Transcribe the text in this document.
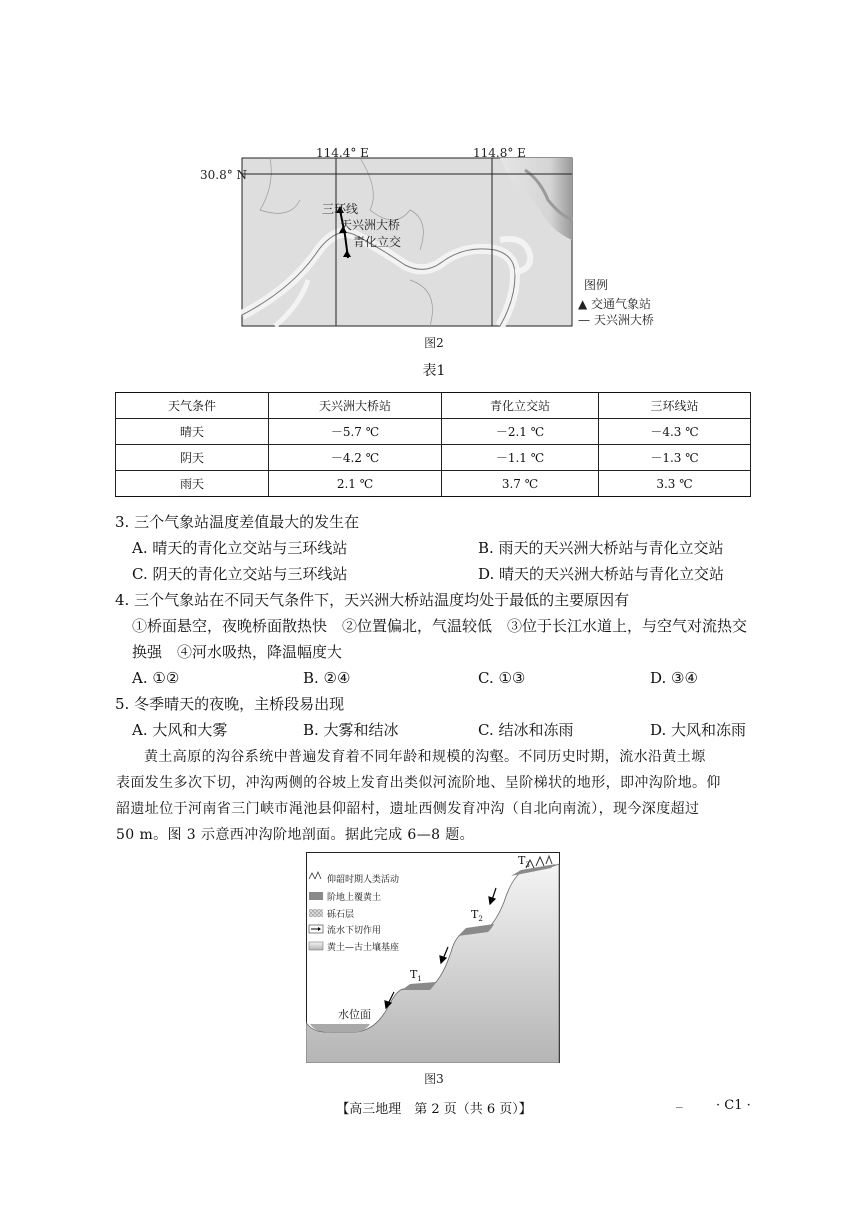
114.4° E	114.8° E
30.8° N
三环线
天兴洲大桥
青化立交
图例
▲ 交通气象站
— 天兴洲大桥
图2
表1
天气条件	天兴洲大桥站	青化立交站	三环线站
晴天	－5.7 ℃	－2.1 ℃	－4.3 ℃
阴天	－4.2 ℃	－1.1 ℃	－1.3 ℃
雨天	2.1 ℃	3.7 ℃	3.3 ℃
3. 三个气象站温度差值最大的发生在
A. 晴天的青化立交站与三环线站	B. 雨天的天兴洲大桥站与青化立交站
C. 阴天的青化立交站与三环线站	D. 晴天的天兴洲大桥站与青化立交站
4. 三个气象站在不同天气条件下，天兴洲大桥站温度均处于最低的主要原因有
①桥面悬空，夜晚桥面散热快　②位置偏北，气温较低　③位于长江水道上，与空气对流热交
换强　④河水吸热，降温幅度大
A. ①②	B. ②④	C. ①③	D. ③④
5. 冬季晴天的夜晚，主桥段易出现
A. 大风和大雾	B. 大雾和结冰	C. 结冰和冻雨	D. 大风和冻雨
黄土高原的沟谷系统中普遍发育着不同年龄和规模的沟壑。不同历史时期，流水沿黄土塬
表面发生多次下切，冲沟两侧的谷坡上发育出类似河流阶地、呈阶梯状的地形，即冲沟阶地。仰
韶遗址位于河南省三门峡市渑池县仰韶村，遗址西侧发育冲沟（自北向南流），现今深度超过
50 m。图 3 示意西冲沟阶地剖面。据此完成 6—8 题。
仰韶时期人类活动
阶地上覆黄土
砾石层
流水下切作用
黄土—古土壤基座
$T_1$
$T_2$
$T_3$
水位面
图3
【高三地理　第 2 页（共 6 页）】
_	· C1 ·
